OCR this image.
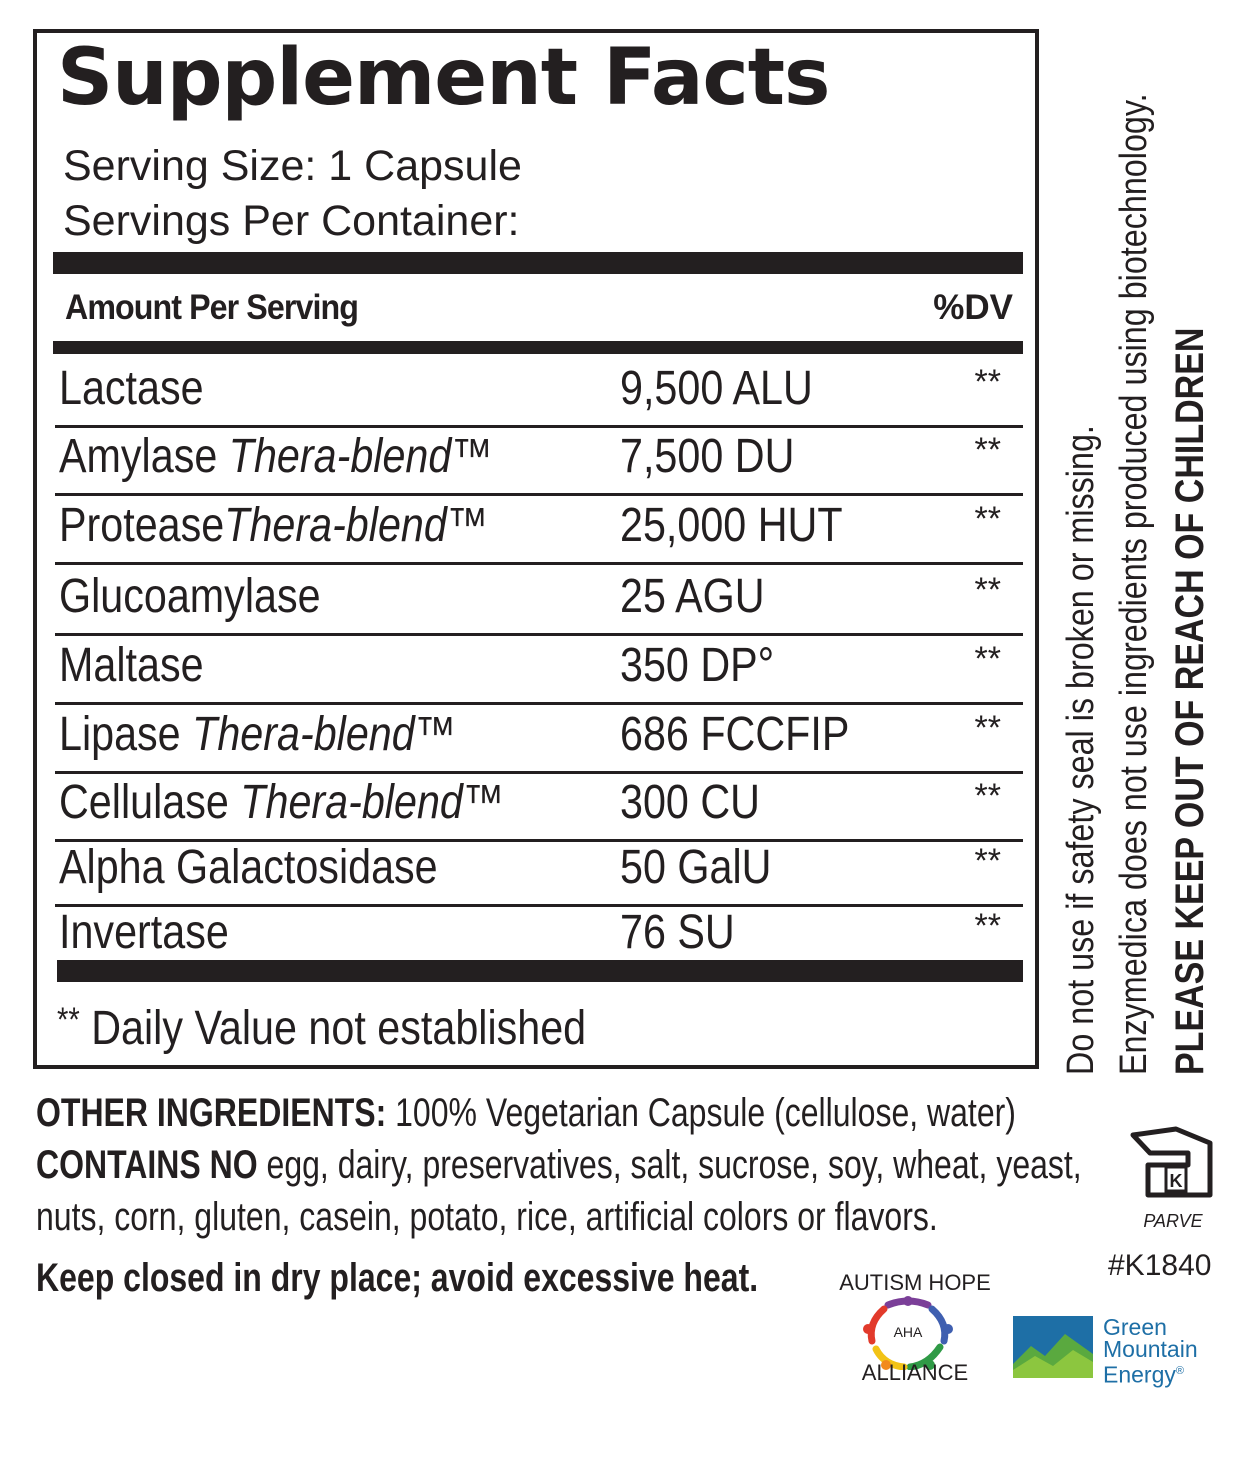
Supplement Facts
Serving Size: 1 Capsule
Servings Per Container:
Amount Per Serving	%DV
Lactase	9,500 ALU	**
Amylase Thera-blend™	7,500 DU	**
ProteaseThera-blend™	25,000 HUT	**
Glucoamylase	25 AGU	**
Maltase	350 DP°	**
Lipase Thera-blend™	686 FCCFIP	**
Cellulase Thera-blend™ 300 CU	**
Alpha Galactosidase	50 GalU	**
Invertase	76 SU	**
** Daily Value not established	Do not use if safety seal is broken or missing. Enzymedica does not use ingredients produced using biotechnology. PLEASE KEEP OUT OF REACH OF CHILDREN
OTHER INGREDIENTS: 100% Vegetarian Capsule (cellulose, water)
CONTAINS NO egg, dairy, preservatives, salt, sucrose, soy, wheat, yeast,
nuts, corn, gluten, casein, potato, rice, artificial colors or flavors.
Keep closed in dry place; avoid excessive heat.
K
PARVE
#K1840
AUTISM HOPE
AHA
ALLIANCE
Green
Mountain
Energy®
